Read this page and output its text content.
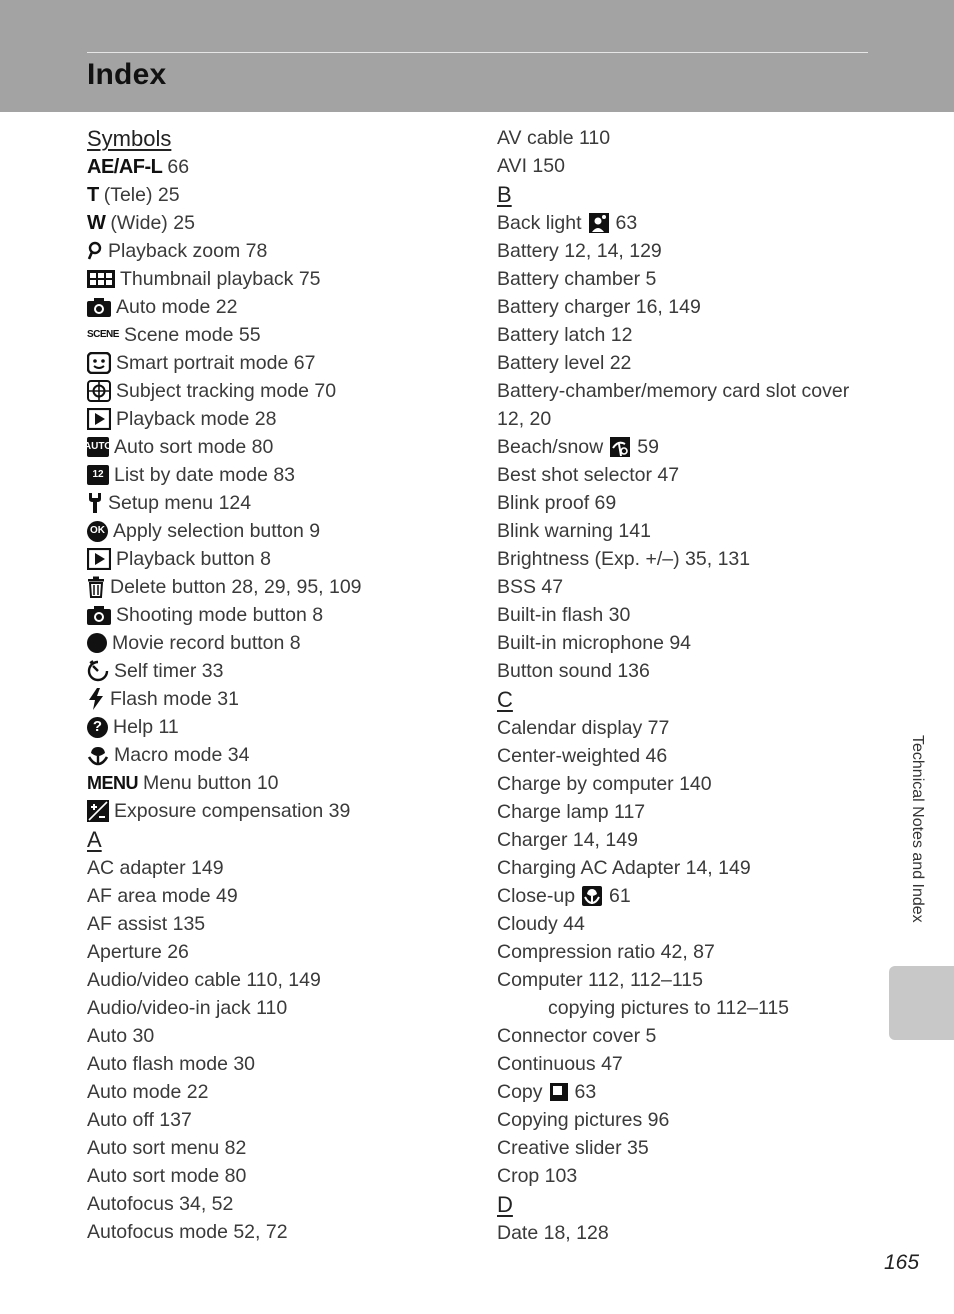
Index
Symbols
AE/AF-L 66
T (Tele) 25
W (Wide) 25
Playback zoom 78
Thumbnail playback 75
Auto mode 22
SCENE Scene mode 55
Smart portrait mode 67
Subject tracking mode 70
Playback mode 28
AUTO Auto sort mode 80
12 List by date mode 83
Setup menu 124
OK Apply selection button 9
Playback button 8
Delete button 28, 29, 95, 109
Shooting mode button 8
Movie record button 8
Self timer 33
Flash mode 31
? Help 11
Macro mode 34
MENU Menu button 10
Exposure compensation 39
A
AC adapter 149
AF area mode 49
AF assist 135
Aperture 26
Audio/video cable 110, 149
Audio/video-in jack 110
Auto 30
Auto flash mode 30
Auto mode 22
Auto off 137
Auto sort menu 82
Auto sort mode 80
Autofocus 34, 52
Autofocus mode 52, 72
AV cable 110
AVI 150
B
Back light 63
Battery 12, 14, 129
Battery chamber 5
Battery charger 16, 149
Battery latch 12
Battery level 22
Battery-chamber/memory card slot cover
12, 20
Beach/snow 59
Best shot selector 47
Blink proof 69
Blink warning 141
Brightness (Exp. +/–) 35, 131
BSS 47
Built-in flash 30
Built-in microphone 94
Button sound 136
C
Calendar display 77
Center-weighted 46
Charge by computer 140
Charge lamp 117
Charger 14, 149
Charging AC Adapter 14, 149
Close-up 61
Cloudy 44
Compression ratio 42, 87
Computer 112, 112–115
copying pictures to 112–115
Connector cover 5
Continuous 47
Copy 63
Copying pictures 96
Creative slider 35
Crop 103
D
Date 18, 128
Technical Notes and Index
165
